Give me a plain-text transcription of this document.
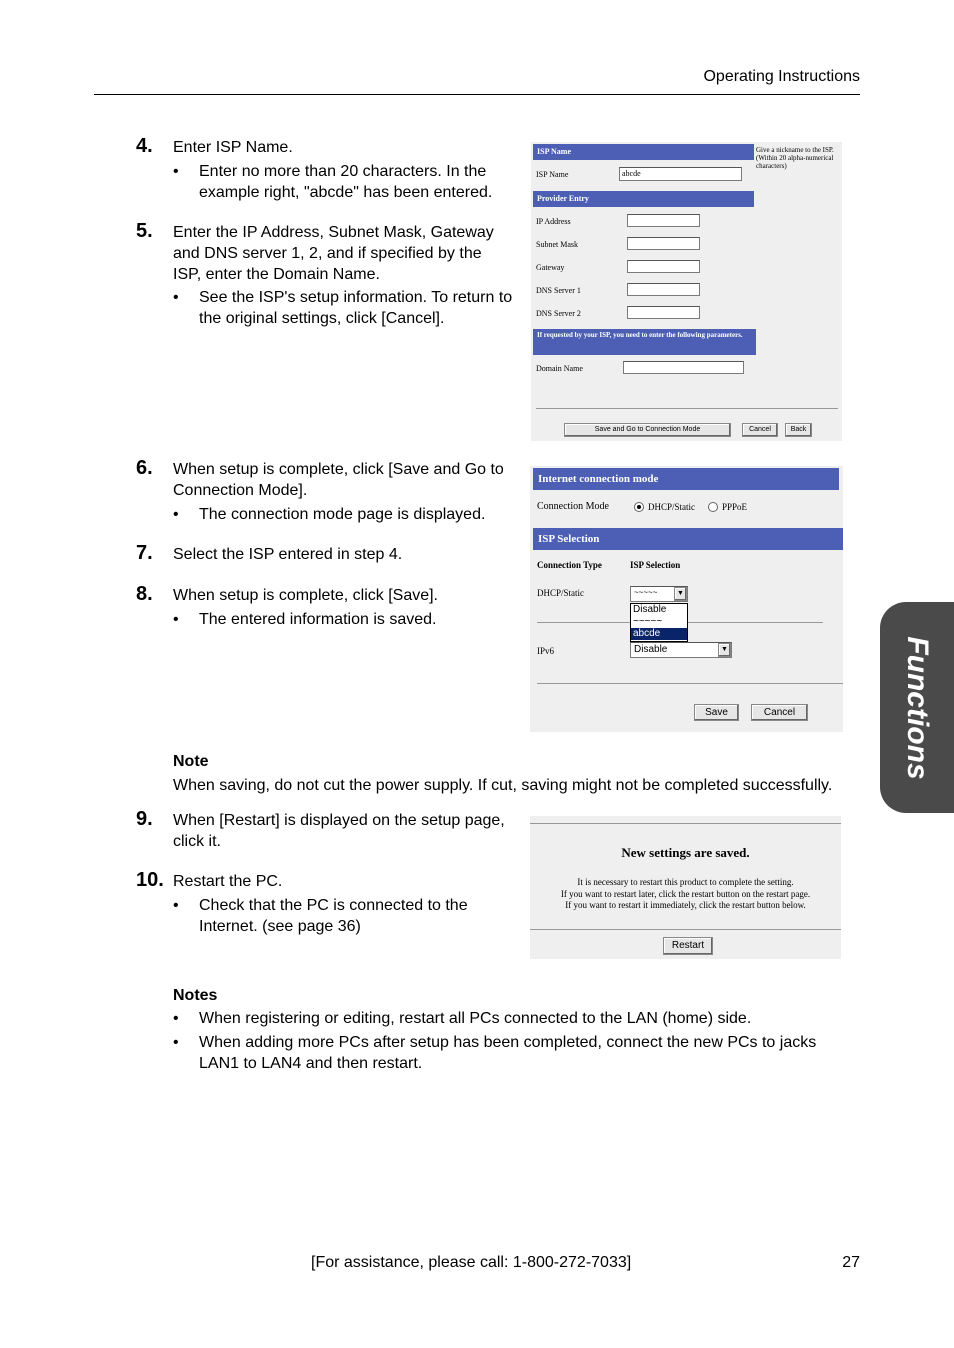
Operating Instructions
4. Enter ISP Name.
• Enter no more than 20 characters. In the example right, "abcde" has been entered.
5. Enter the IP Address, Subnet Mask, Gateway and DNS server 1, 2, and if specified by the ISP, enter the Domain Name.
• See the ISP's setup information. To return to the original settings, click [Cancel].
6. When setup is complete, click [Save and Go to Connection Mode].
• The connection mode page is displayed.
7. Select the ISP entered in step 4.
8. When setup is complete, click [Save].
• The entered information is saved.
ISP Name	Give a nickname to the ISP. (Within 20 alpha-numerical characters)
ISP Name	abcde
Provider Entry
IP Address
Subnet Mask
Gateway
DNS Server 1
DNS Server 2
If requested by your ISP, you need to enter the following parameters.
Domain Name
Save and Go to Connection Mode	Cancel	Back
Internet connection mode
Connection Mode	DHCP/Static	PPPoE
ISP Selection
Connection Type	ISP Selection
DHCP/Static	~~~~~	▼
Disable
~~~~~
abcde
IPv6	Disable	▼
Save	Cancel
Note
When saving, do not cut the power supply. If cut, saving might not be completed successfully.
9. When [Restart] is displayed on the setup page, click it.
10. Restart the PC.
• Check that the PC is connected to the Internet. (see page 36)
New settings are saved.
It is necessary to restart this product to complete the setting.
If you want to restart later, click the restart button on the restart page.
If you want to restart it immediately, click the restart button below.
Restart
Notes
• When registering or editing, restart all PCs connected to the LAN (home) side.
• When adding more PCs after setup has been completed, connect the new PCs to jacks LAN1 to LAN4 and then restart.
Functions
[For assistance, please call: 1-800-272-7033]	27
